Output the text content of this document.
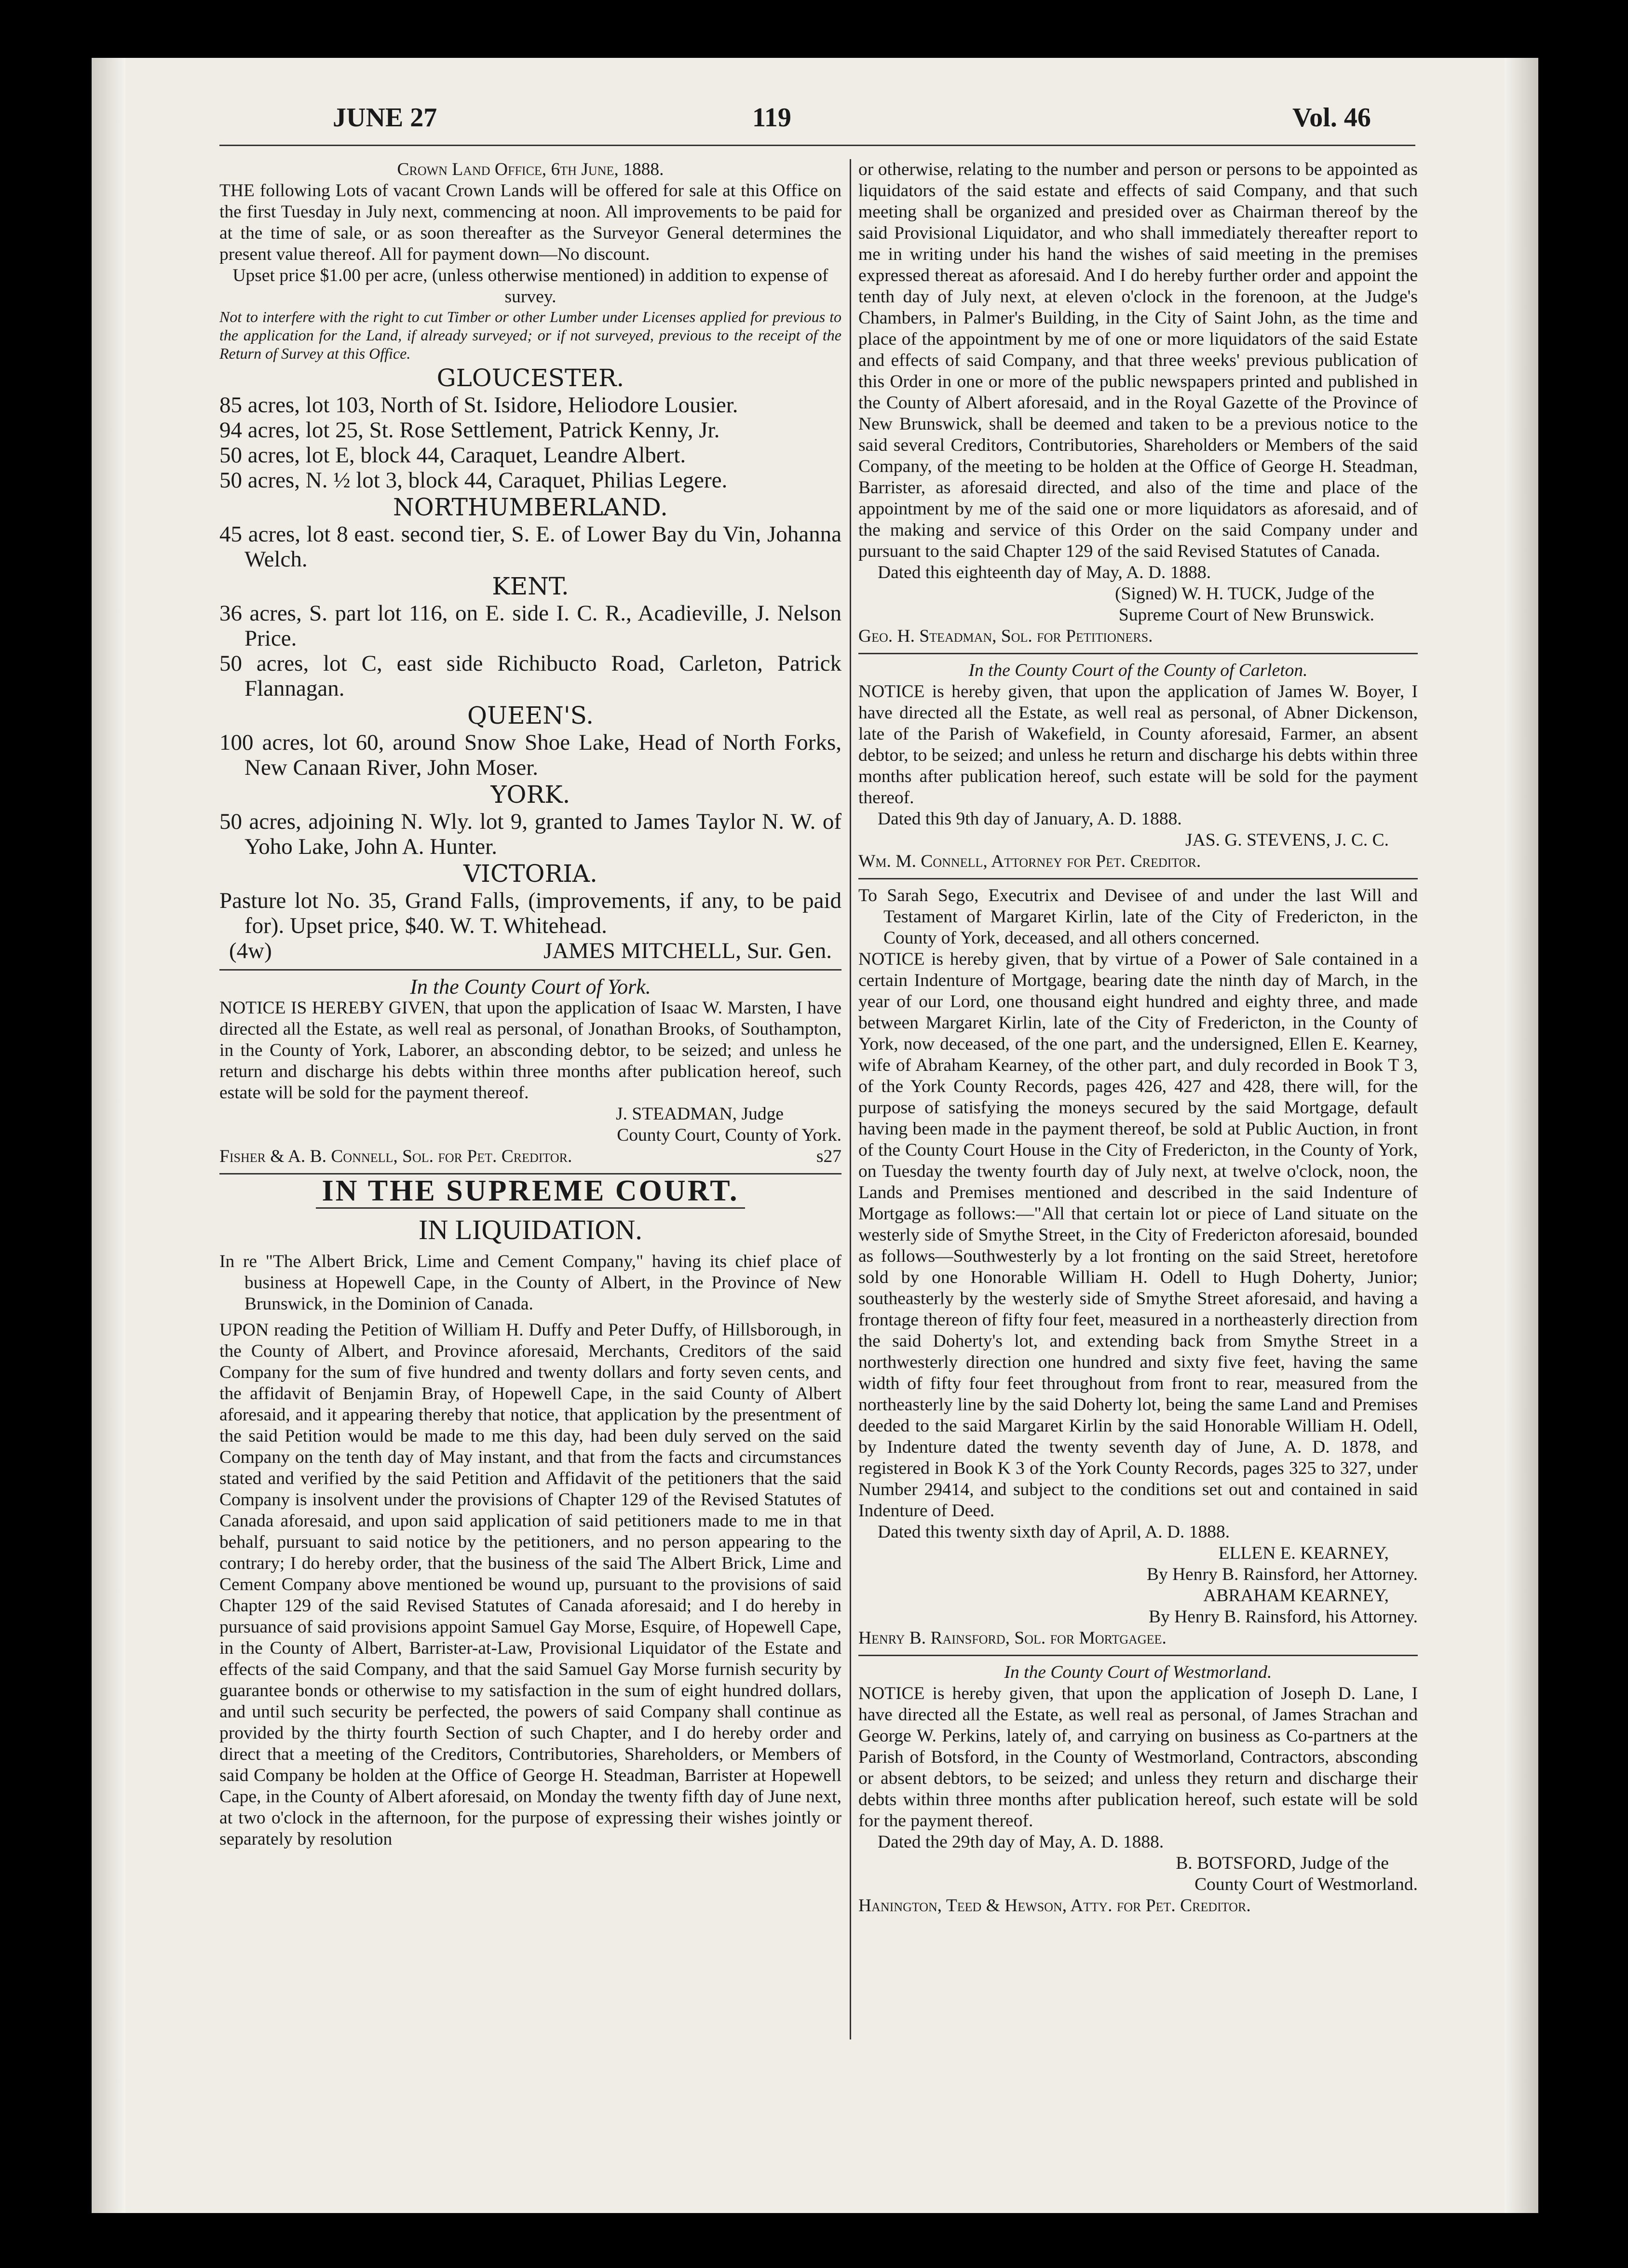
JUNE 27	119	Vol. 46

Crown Land Office, 6th June, 1888.

THE following Lots of vacant Crown Lands will be offered for sale at this Office on the first Tuesday in July next, commencing at noon. All improvements to be paid for at the time of sale, or as soon thereafter as the Surveyor General determines the present value thereof. All for payment down—No discount.

Upset price $1.00 per acre, (unless otherwise mentioned) in addition to expense of survey.

Not to interfere with the right to cut Timber or other Lumber under Licenses applied for previous to the application for the Land, if already surveyed; or if not surveyed, previous to the receipt of the Return of Survey at this Office.

GLOUCESTER.

85 acres, lot 103, North of St. Isidore, Heliodore Lousier.

94 acres, lot 25, St. Rose Settlement, Patrick Kenny, Jr.

50 acres, lot E, block 44, Caraquet, Leandre Albert.

50 acres, N. ½ lot 3, block 44, Caraquet, Philias Legere.

NORTHUMBERLAND.

45 acres, lot 8 east. second tier, S. E. of Lower Bay du Vin, Johanna Welch.

KENT.

36 acres, S. part lot 116, on E. side I. C. R., Acadieville, J. Nelson Price.

50 acres, lot C, east side Richibucto Road, Carleton, Patrick Flannagan.

QUEEN'S.

100 acres, lot 60, around Snow Shoe Lake, Head of North Forks, New Canaan River, John Moser.

YORK.

50 acres, adjoining N. Wly. lot 9, granted to James Taylor N. W. of Yoho Lake, John A. Hunter.

VICTORIA.

Pasture lot No. 35, Grand Falls, (improvements, if any, to be paid for). Upset price, $40. W. T. Whitehead.

(4w)	JAMES MITCHELL, Sur. Gen.

In the County Court of York.

NOTICE IS HEREBY GIVEN, that upon the application of Isaac W. Marsten, I have directed all the Estate, as well real as personal, of Jonathan Brooks, of Southampton, in the County of York, Laborer, an absconding debtor, to be seized; and unless he return and discharge his debts within three months after publication hereof, such estate will be sold for the payment thereof.

J. STEADMAN, Judge

County Court, County of York.

Fisher & A. B. Connell, Sol. for Pet. Creditor.	s27
IN THE SUPREME COURT.
IN LIQUIDATION.

In re "The Albert Brick, Lime and Cement Company," having its chief place of business at Hopewell Cape, in the County of Albert, in the Province of New Brunswick, in the Dominion of Canada.

UPON reading the Petition of William H. Duffy and Peter Duffy, of Hillsborough, in the County of Albert, and Province aforesaid, Merchants, Creditors of the said Company for the sum of five hundred and twenty dollars and forty seven cents, and the affidavit of Benjamin Bray, of Hopewell Cape, in the said County of Albert aforesaid, and it appearing thereby that notice, that application by the presentment of the said Petition would be made to me this day, had been duly served on the said Company on the tenth day of May instant, and that from the facts and circumstances stated and verified by the said Petition and Affidavit of the petitioners that the said Company is insolvent under the provisions of Chapter 129 of the Revised Statutes of Canada aforesaid, and upon said application of said petitioners made to me in that behalf, pursuant to said notice by the petitioners, and no person appearing to the contrary; I do hereby order, that the business of the said The Albert Brick, Lime and Cement Company above mentioned be wound up, pursuant to the provisions of said Chapter 129 of the said Revised Statutes of Canada aforesaid; and I do hereby in pursuance of said provisions appoint Samuel Gay Morse, Esquire, of Hopewell Cape, in the County of Albert, Barrister-at-Law, Provisional Liquidator of the Estate and effects of the said Company, and that the said Samuel Gay Morse furnish security by guarantee bonds or otherwise to my satisfaction in the sum of eight hundred dollars, and until such security be perfected, the powers of said Company shall continue as provided by the thirty fourth Section of such Chapter, and I do hereby order and direct that a meeting of the Creditors, Contributories, Shareholders, or Members of said Company be holden at the Office of George H. Steadman, Barrister at Hopewell Cape, in the County of Albert aforesaid, on Monday the twenty fifth day of June next, at two o'clock in the afternoon, for the purpose of expressing their wishes jointly or separately by resolution

or otherwise, relating to the number and person or persons to be appointed as liquidators of the said estate and effects of said Company, and that such meeting shall be organized and presided over as Chairman thereof by the said Provisional Liquidator, and who shall immediately thereafter report to me in writing under his hand the wishes of said meeting in the premises expressed thereat as aforesaid. And I do hereby further order and appoint the tenth day of July next, at eleven o'clock in the forenoon, at the Judge's Chambers, in Palmer's Building, in the City of Saint John, as the time and place of the appointment by me of one or more liquidators of the said Estate and effects of said Company, and that three weeks' previous publication of this Order in one or more of the public newspapers printed and published in the County of Albert aforesaid, and in the Royal Gazette of the Province of New Brunswick, shall be deemed and taken to be a previous notice to the said several Creditors, Contributories, Shareholders or Members of the said Company, of the meeting to be holden at the Office of George H. Steadman, Barrister, as aforesaid directed, and also of the time and place of the appointment by me of the said one or more liquidators as aforesaid, and of the making and service of this Order on the said Company under and pursuant to the said Chapter 129 of the said Revised Statutes of Canada.

Dated this eighteenth day of May, A. D. 1888.

(Signed) W. H. TUCK, Judge of the

Supreme Court of New Brunswick.

Geo. H. Steadman, Sol. for Petitioners.

In the County Court of the County of Carleton.

NOTICE is hereby given, that upon the application of James W. Boyer, I have directed all the Estate, as well real as personal, of Abner Dickenson, late of the Parish of Wakefield, in County aforesaid, Farmer, an absent debtor, to be seized; and unless he return and discharge his debts within three months after publication hereof, such estate will be sold for the payment thereof.

Dated this 9th day of January, A. D. 1888.

JAS. G. STEVENS, J. C. C.

Wm. M. Connell, Attorney for Pet. Creditor.

To Sarah Sego, Executrix and Devisee of and under the last Will and Testament of Margaret Kirlin, late of the City of Fredericton, in the County of York, deceased, and all others concerned.

NOTICE is hereby given, that by virtue of a Power of Sale contained in a certain Indenture of Mortgage, bearing date the ninth day of March, in the year of our Lord, one thousand eight hundred and eighty three, and made between Margaret Kirlin, late of the City of Fredericton, in the County of York, now deceased, of the one part, and the undersigned, Ellen E. Kearney, wife of Abraham Kearney, of the other part, and duly recorded in Book T 3, of the York County Records, pages 426, 427 and 428, there will, for the purpose of satisfying the moneys secured by the said Mortgage, default having been made in the payment thereof, be sold at Public Auction, in front of the County Court House in the City of Fredericton, in the County of York, on Tuesday the twenty fourth day of July next, at twelve o'clock, noon, the Lands and Premises mentioned and described in the said Indenture of Mortgage as follows:—"All that certain lot or piece of Land situate on the westerly side of Smythe Street, in the City of Fredericton aforesaid, bounded as follows—Southwesterly by a lot fronting on the said Street, heretofore sold by one Honorable William H. Odell to Hugh Doherty, Junior; southeasterly by the westerly side of Smythe Street aforesaid, and having a frontage thereon of fifty four feet, measured in a northeasterly direction from the said Doherty's lot, and extending back from Smythe Street in a northwesterly direction one hundred and sixty five feet, having the same width of fifty four feet throughout from front to rear, measured from the northeasterly line by the said Doherty lot, being the same Land and Premises deeded to the said Margaret Kirlin by the said Honorable William H. Odell, by Indenture dated the twenty seventh day of June, A. D. 1878, and registered in Book K 3 of the York County Records, pages 325 to 327, under Number 29414, and subject to the conditions set out and contained in said Indenture of Deed.

Dated this twenty sixth day of April, A. D. 1888.

ELLEN E. KEARNEY,

By Henry B. Rainsford, her Attorney.

ABRAHAM KEARNEY,

By Henry B. Rainsford, his Attorney.

Henry B. Rainsford, Sol. for Mortgagee.

In the County Court of Westmorland.

NOTICE is hereby given, that upon the application of Joseph D. Lane, I have directed all the Estate, as well real as personal, of James Strachan and George W. Perkins, lately of, and carrying on business as Co-partners at the Parish of Botsford, in the County of Westmorland, Contractors, absconding or absent debtors, to be seized; and unless they return and discharge their debts within three months after publication hereof, such estate will be sold for the payment thereof.

Dated the 29th day of May, A. D. 1888.

B. BOTSFORD, Judge of the

County Court of Westmorland.

Hanington, Teed & Hewson, Atty. for Pet. Creditor.
